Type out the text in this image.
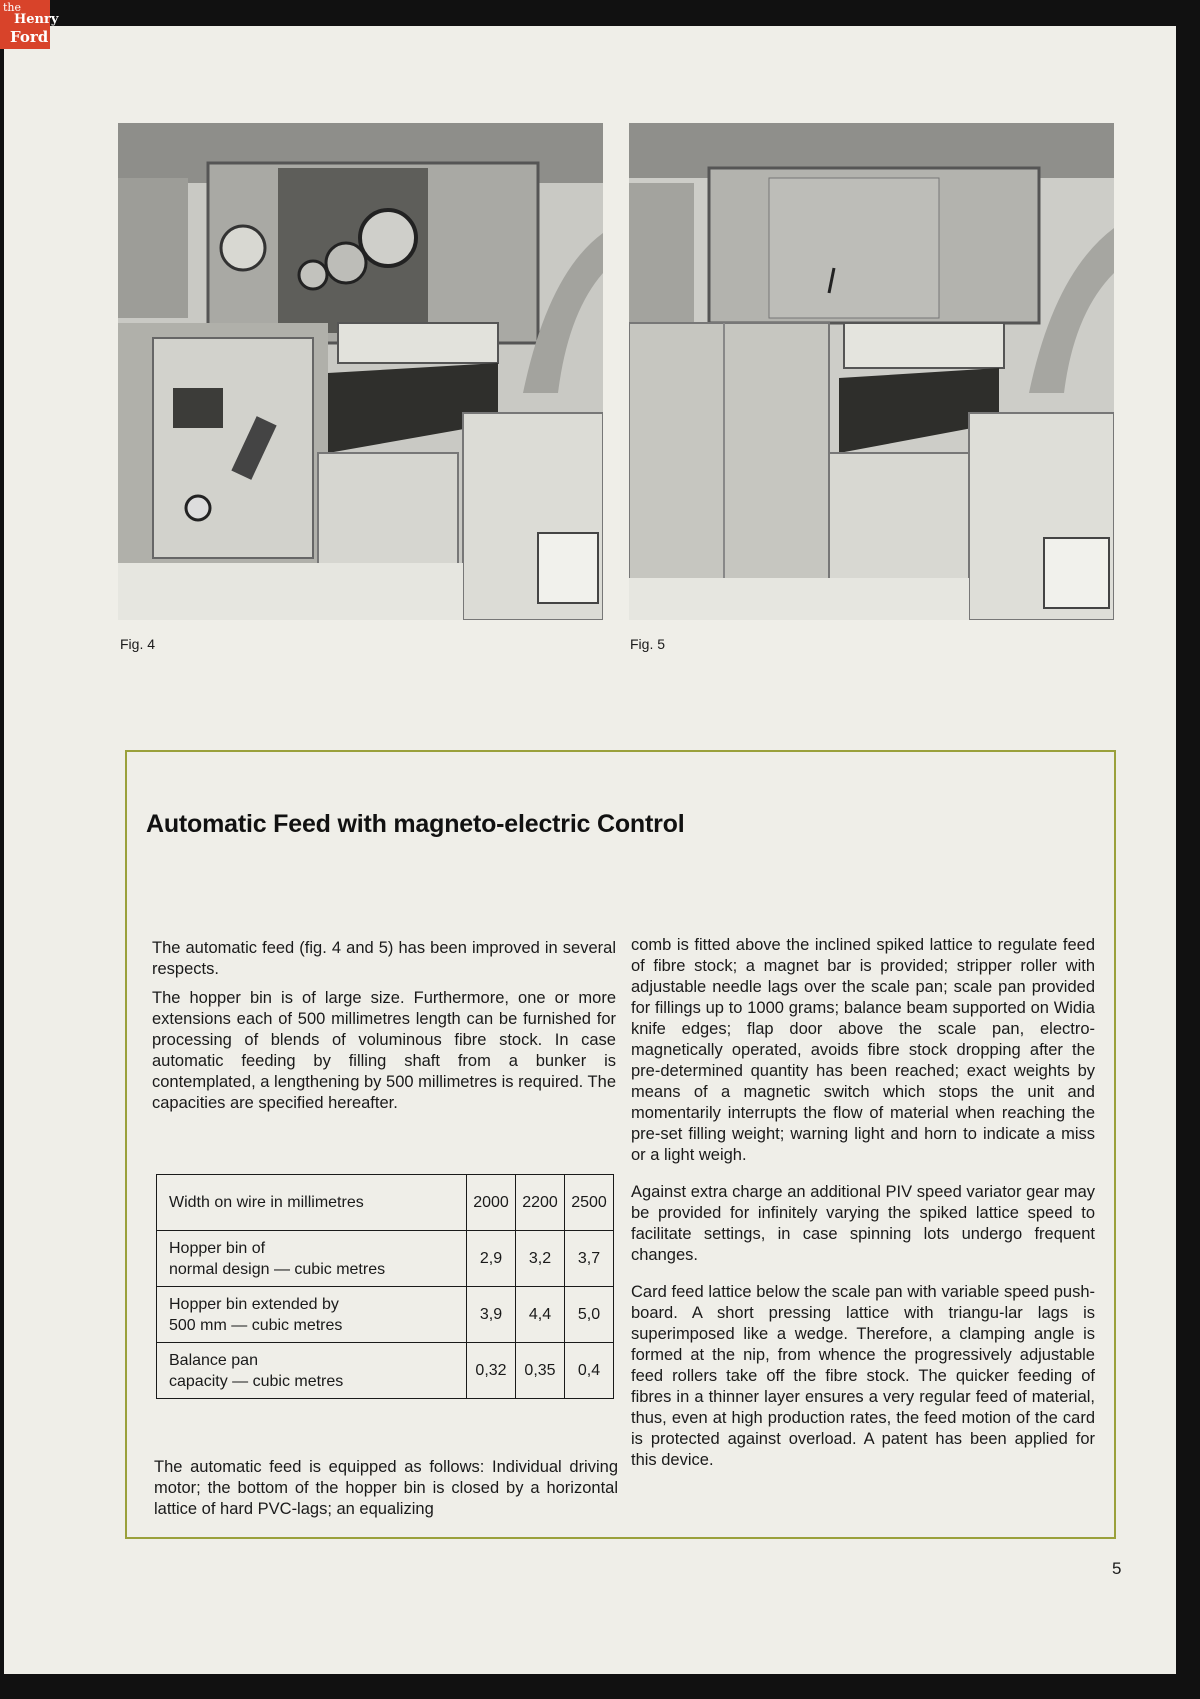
the
Henry
Ford
Fig. 4	Fig. 5
Automatic Feed with magneto-electric Control

The automatic feed (fig. 4 and 5) has been improved in several respects.

The hopper bin is of large size. Furthermore, one or more extensions each of 500 millimetres length can be furnished for processing of blends of voluminous fibre stock. In case automatic feeding by filling shaft from a bunker is contemplated, a lengthening by 500 millimetres is required. The capacities are specified hereafter.

Width on wire in millimetres	2000	2200	2500
Hopper bin of
normal design — cubic metres	2,9	3,2	3,7
Hopper bin extended by
500 mm — cubic metres	3,9	4,4	5,0
Balance pan
capacity — cubic metres	0,32	0,35	0,4

The automatic feed is equipped as follows: Individual driving motor; the bottom of the hopper bin is closed by a horizontal lattice of hard PVC-lags; an equalizing

comb is fitted above the inclined spiked lattice to regulate feed of fibre stock; a magnet bar is provided; stripper roller with adjustable needle lags over the scale pan; scale pan provided for fillings up to 1000 grams; balance beam supported on Widia knife edges; flap door above the scale pan, electro-magnetically operated, avoids fibre stock dropping after the pre-determined quantity has been reached; exact weights by means of a magnetic switch which stops the unit and momentarily interrupts the flow of material when reaching the pre-set filling weight; warning light and horn to indicate a miss or a light weigh.

Against extra charge an additional PIV speed variator gear may be provided for infinitely varying the spiked lattice speed to facilitate settings, in case spinning lots undergo frequent changes.

Card feed lattice below the scale pan with variable speed push-board. A short pressing lattice with triangu-lar lags is superimposed like a wedge. Therefore, a clamping angle is formed at the nip, from whence the progressively adjustable feed rollers take off the fibre stock. The quicker feeding of fibres in a thinner layer ensures a very regular feed of material, thus, even at high production rates, the feed motion of the card is protected against overload. A patent has been applied for this device.

5
